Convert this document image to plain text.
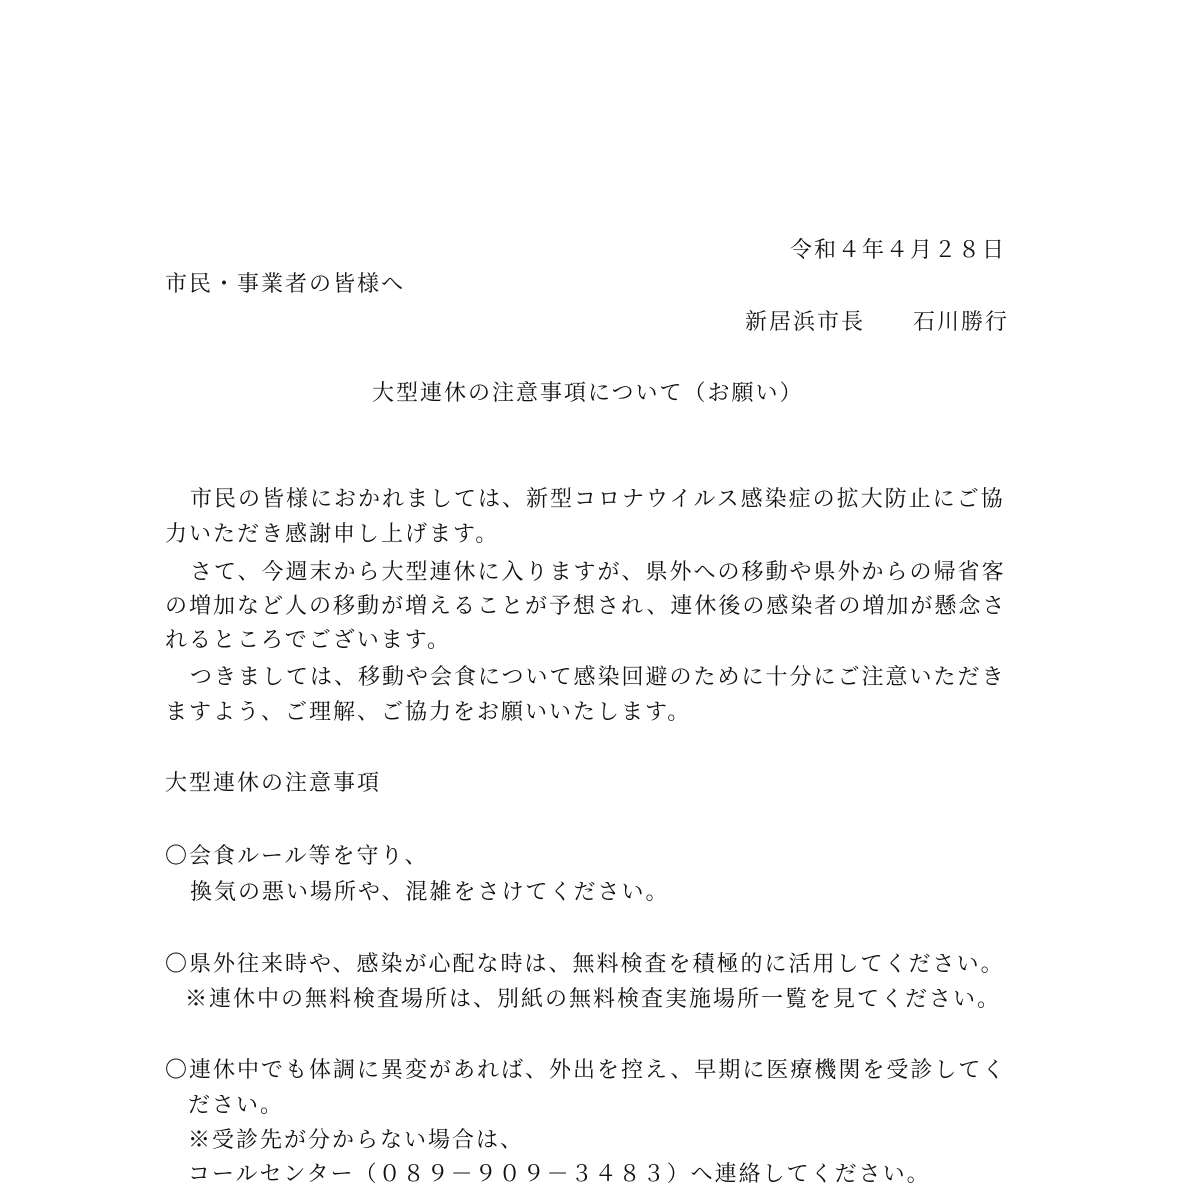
令和４年４月２８日
市民・事業者の皆様へ
新居浜市長 石川勝行
大型連休の注意事項について（お願い）
市民の皆様におかれましては、新型コロナウイルス感染症の拡大防止にご協
力いただき感謝申し上げます。
さて、今週末から大型連休に入りますが、県外への移動や県外からの帰省客
の増加など人の移動が増えることが予想され、連休後の感染者の増加が懸念さ
れるところでございます。
つきましては、移動や会食について感染回避のために十分にご注意いただき
ますよう、ご理解、ご協力をお願いいたします。
大型連休の注意事項
〇会食ルール等を守り、
換気の悪い場所や、混雑をさけてください。
〇県外往来時や、感染が心配な時は、無料検査を積極的に活用してください。
※連休中の無料検査場所は、別紙の無料検査実施場所一覧を見てください。
〇連休中でも体調に異変があれば、外出を控え、早期に医療機関を受診してく
ださい。
※受診先が分からない場合は、
コールセンター（０８９－９０９－３４８３）へ連絡してください。
